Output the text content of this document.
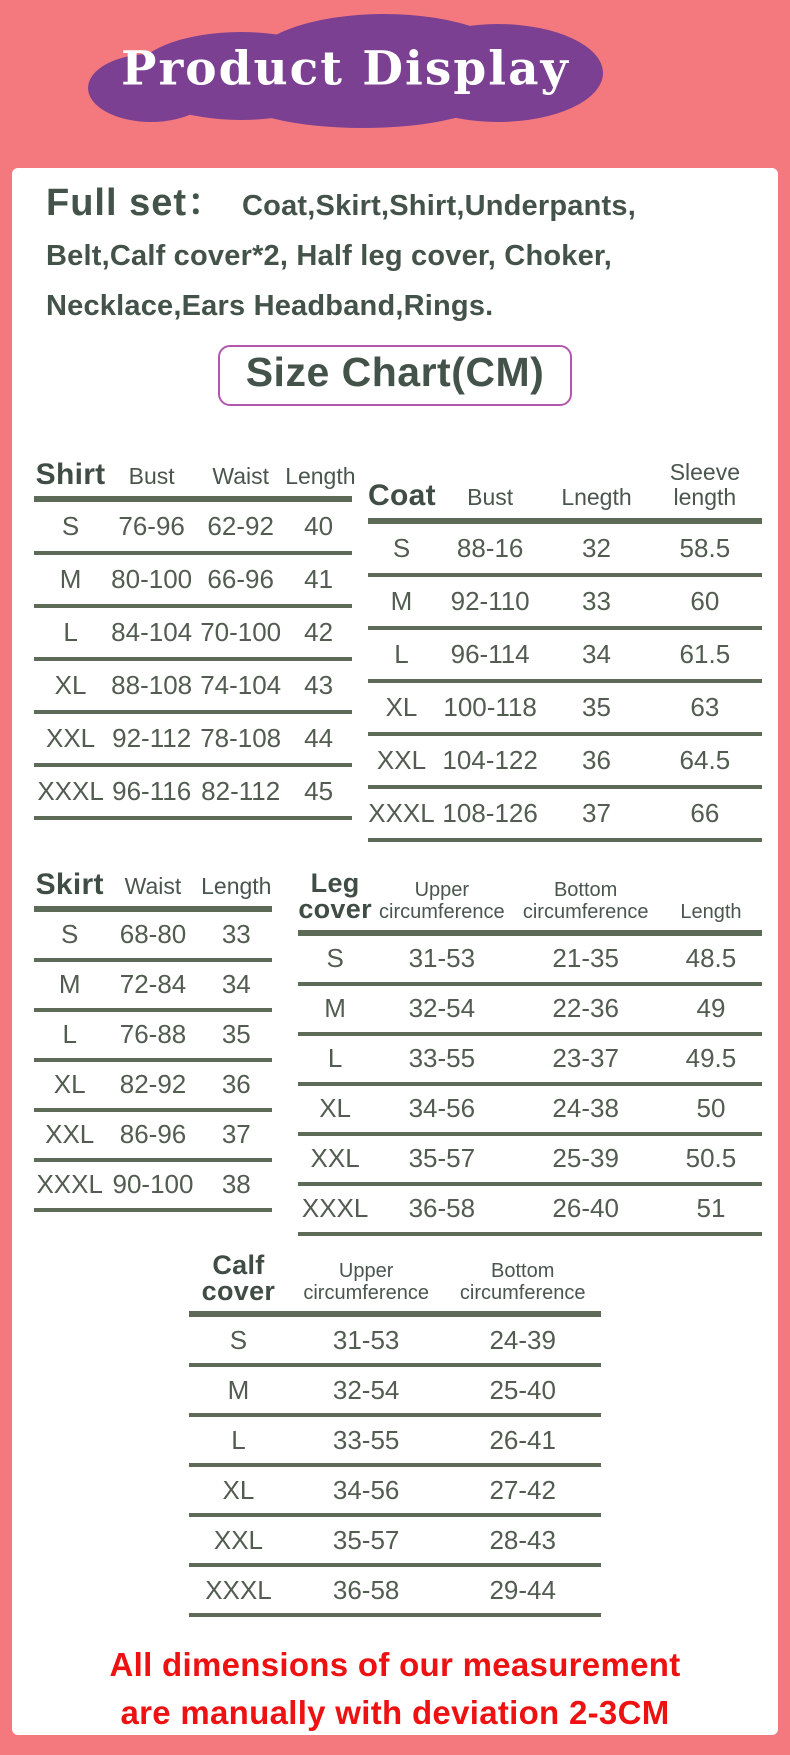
Product Display
Full set： Coat,Skirt,Shirt,Underpants,
Belt,Calf cover*2, Half leg cover, Choker,
Necklace,Ears Headband,Rings.
Size Chart(CM)
Shirt	Bust	Waist	Length
S	76-96	62-92	40
M	80-100	66-96	41
L	84-104	70-100	42
XL	88-108	74-104	43
XXL	92-112	78-108	44
XXXL	96-116	82-112	45
Coat	Bust	Lnegth	Sleeve length
S	88-16	32	58.5
M	92-110	33	60
L	96-114	34	61.5
XL	100-118	35	63
XXL	104-122	36	64.5
XXXL	108-126	37	66
Skirt	Waist	Length
S	68-80	33
M	72-84	34
L	76-88	35
XL	82-92	36
XXL	86-96	37
XXXL	90-100	38
Leg cover	Upper circumference	Bottom circumference	Length
S	31-53	21-35	48.5
M	32-54	22-36	49
L	33-55	23-37	49.5
XL	34-56	24-38	50
XXL	35-57	25-39	50.5
XXXL	36-58	26-40	51
Calf cover	Upper circumference	Bottom circumference
S	31-53	24-39
M	32-54	25-40
L	33-55	26-41
XL	34-56	27-42
XXL	35-57	28-43
XXXL	36-58	29-44
All dimensions of our measurement
are manually with deviation 2-3CM
